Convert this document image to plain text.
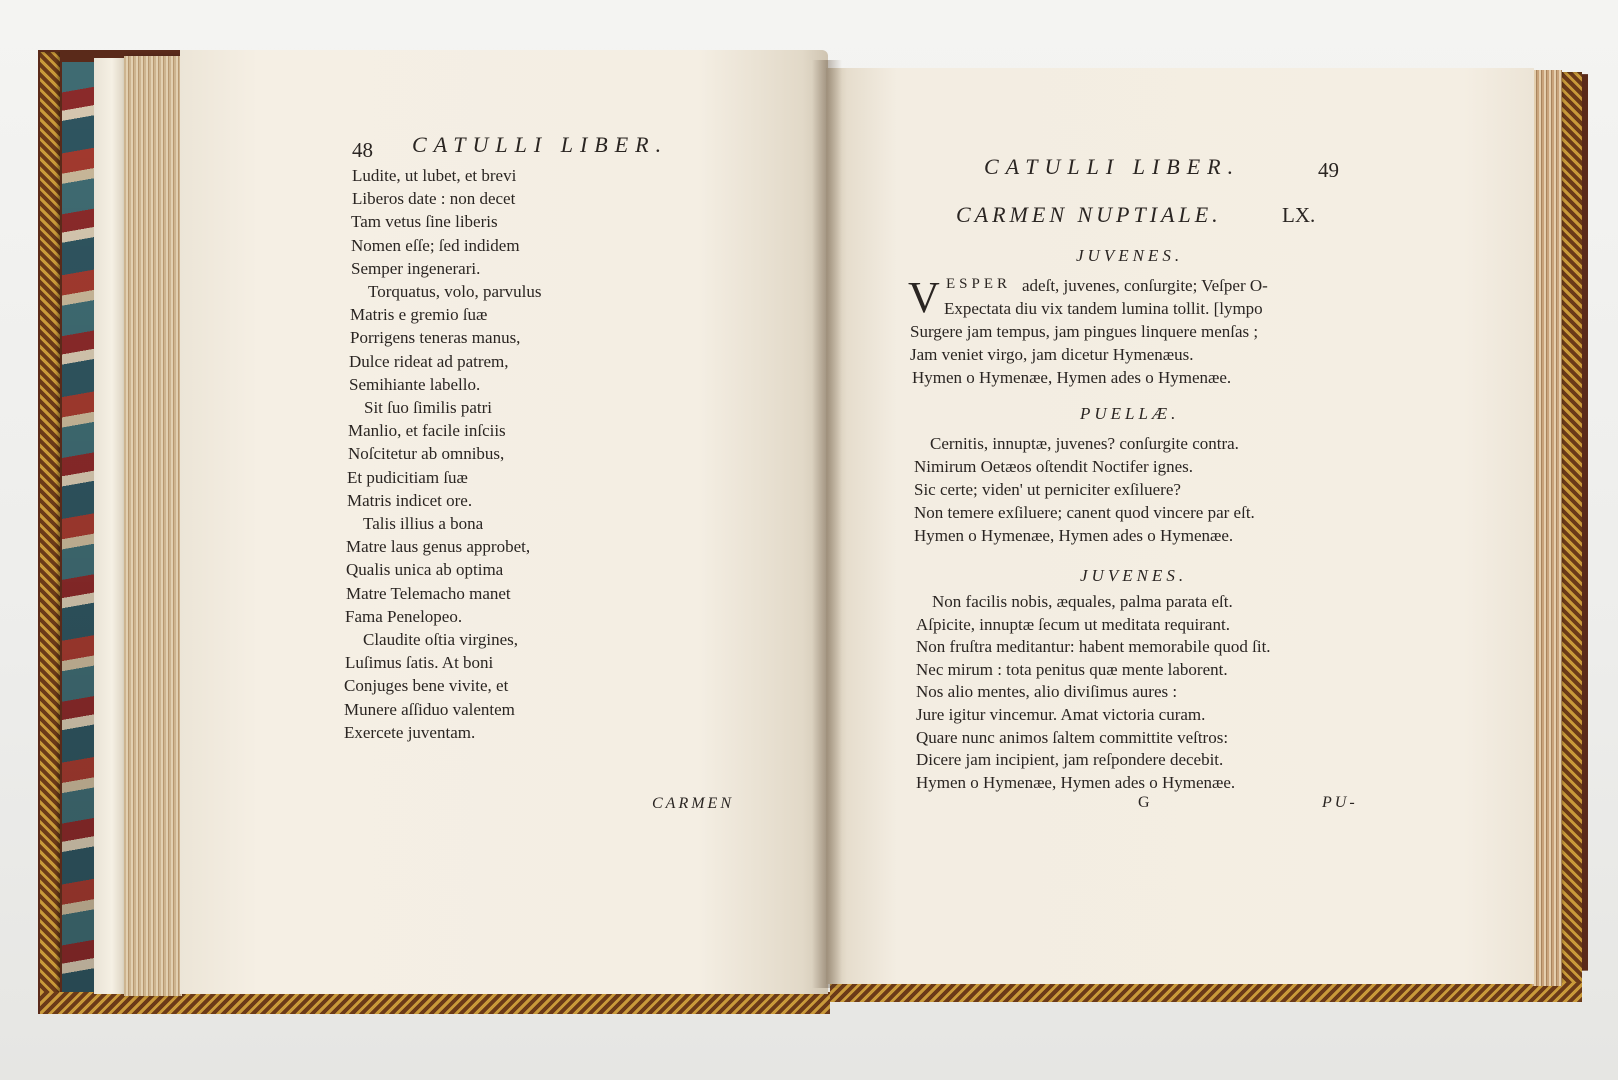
48 CATULLI LIBER.
Ludite, ut lubet, et brevi
Liberos date : non decet
Tam vetus ſine liberis
Nomen eſſe; ſed indidem
Semper ingenerari.
Torquatus, volo, parvulus
Matris e gremio ſuæ
Porrigens teneras manus,
Dulce rideat ad patrem,
Semihiante labello.
Sit ſuo ſimilis patri
Manlio, et facile inſciis
Noſcitetur ab omnibus,
Et pudicitiam ſuæ
Matris indicet ore.
Talis illius a bona
Matre laus genus approbet,
Qualis unica ab optima
Matre Telemacho manet
Fama Penelopeo.
Claudite oſtia virgines,
Luſimus ſatis. At boni
Conjuges bene vivite, et
Munere aſſiduo valentem
Exercete juventam.
CARMEN
CATULLI LIBER.	49
CARMEN NUPTIALE.	LX.
JUVENES.
V ESPER adeſt, juvenes, conſurgite; Veſper O-
Expectata diu vix tandem lumina tollit. [lympo
Surgere jam tempus, jam pingues linquere menſas ;
Jam veniet virgo, jam dicetur Hymenæus.
Hymen o Hymenæe, Hymen ades o Hymenæe.
PUELLÆ.
Cernitis, innuptæ, juvenes? conſurgite contra.
Nimirum Oetæos oſtendit Noctifer ignes.
Sic certe; viden' ut perniciter exſiluere?
Non temere exſiluere; canent quod vincere par eſt.
Hymen o Hymenæe, Hymen ades o Hymenæe.
JUVENES.
Non facilis nobis, æquales, palma parata eſt.
Aſpicite, innuptæ ſecum ut meditata requirant.
Non fruſtra meditantur: habent memorabile quod ſit.
Nec mirum : tota penitus quæ mente laborent.
Nos alio mentes, alio diviſimus aures :
Jure igitur vincemur. Amat victoria curam.
Quare nunc animos ſaltem committite veſtros:
Dicere jam incipient, jam reſpondere decebit.
Hymen o Hymenæe, Hymen ades o Hymenæe.
G	PU-
